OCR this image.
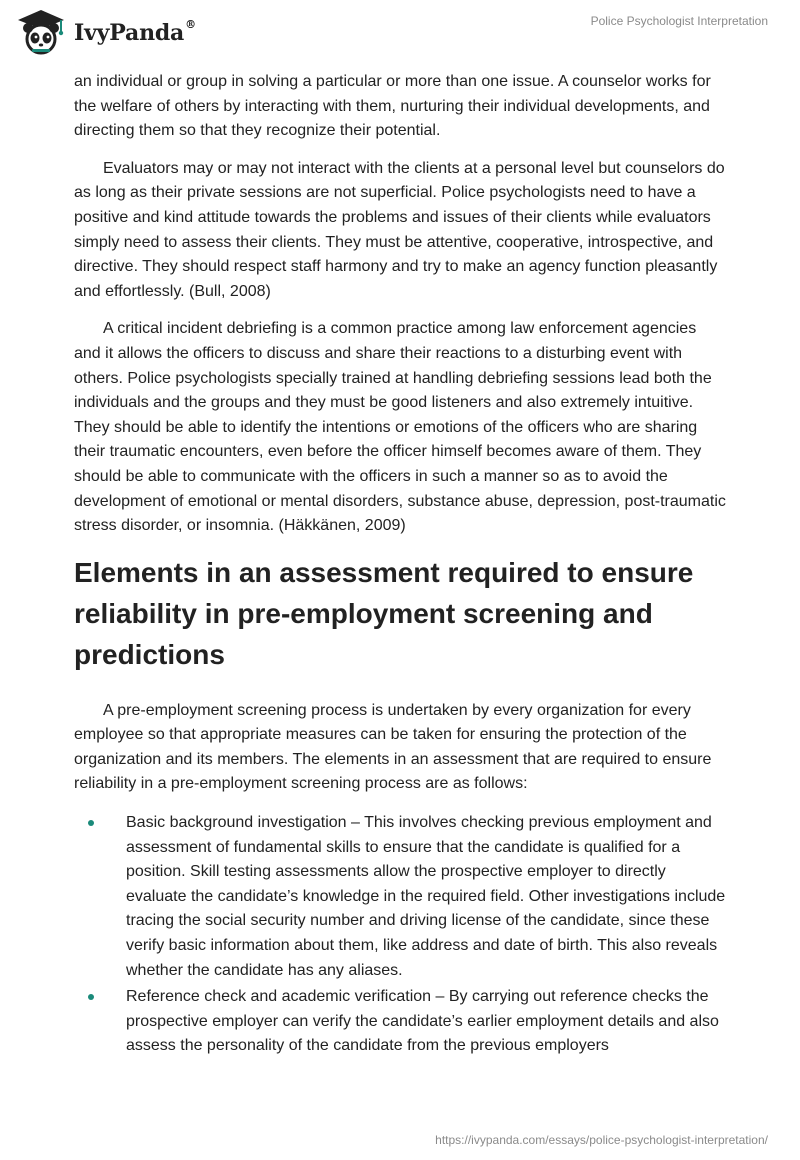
IvyPanda®	Police Psychologist Interpretation

an individual or group in solving a particular or more than one issue. A counselor works for the welfare of others by interacting with them, nurturing their individual developments, and directing them so that they recognize their potential.

Evaluators may or may not interact with the clients at a personal level but counselors do as long as their private sessions are not superficial. Police psychologists need to have a positive and kind attitude towards the problems and issues of their clients while evaluators simply need to assess their clients. They must be attentive, cooperative, introspective, and directive. They should respect staff harmony and try to make an agency function pleasantly and effortlessly. (Bull, 2008)

A critical incident debriefing is a common practice among law enforcement agencies and it allows the officers to discuss and share their reactions to a disturbing event with others. Police psychologists specially trained at handling debriefing sessions lead both the individuals and the groups and they must be good listeners and also extremely intuitive. They should be able to identify the intentions or emotions of the officers who are sharing their traumatic encounters, even before the officer himself becomes aware of them. They should be able to communicate with the officers in such a manner so as to avoid the development of emotional or mental disorders, substance abuse, depression, post-traumatic stress disorder, or insomnia. (Häkkänen, 2009)

Elements in an assessment required to ensure reliability in pre-employment screening and predictions

A pre-employment screening process is undertaken by every organization for every employee so that appropriate measures can be taken for ensuring the protection of the organization and its members. The elements in an assessment that are required to ensure reliability in a pre-employment screening process are as follows:

Basic background investigation – This involves checking previous employment and assessment of fundamental skills to ensure that the candidate is qualified for a position. Skill testing assessments allow the prospective employer to directly evaluate the candidate’s knowledge in the required field. Other investigations include tracing the social security number and driving license of the candidate, since these verify basic information about them, like address and date of birth. This also reveals whether the candidate has any aliases.
Reference check and academic verification – By carrying out reference checks the prospective employer can verify the candidate’s earlier employment details and also assess the personality of the candidate from the previous employers
https://ivypanda.com/essays/police-psychologist-interpretation/
